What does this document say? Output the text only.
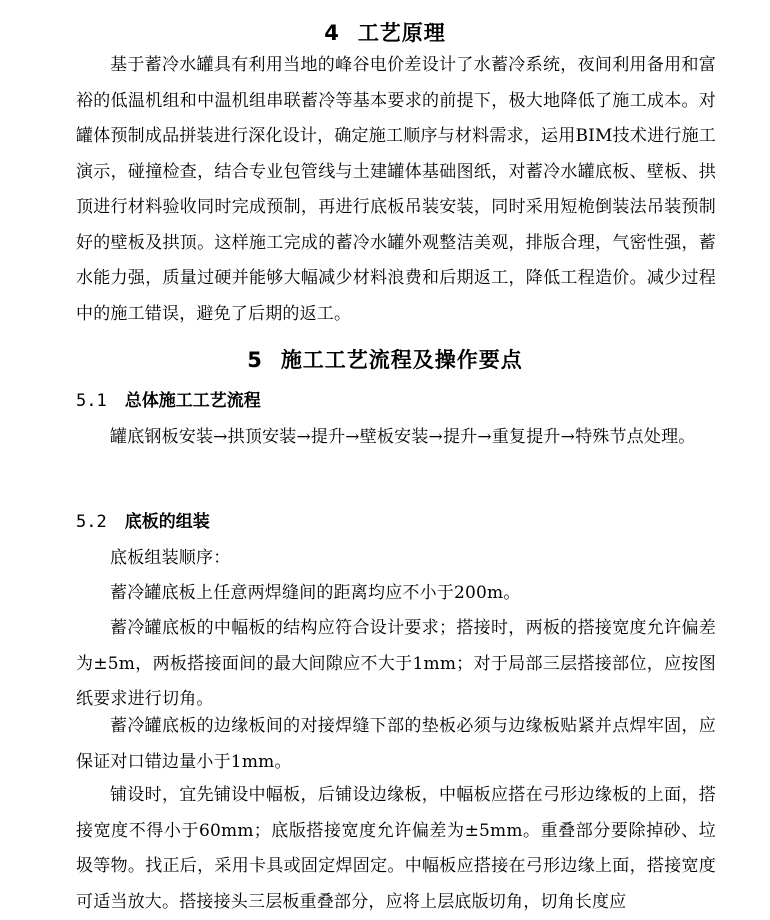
4 工艺原理
基于蓄冷水罐具有利用当地的峰谷电价差设计了水蓄冷系统，夜间利用备用和富裕的低温机组和中温机组串联蓄冷等基本要求的前提下，极大地降低了施工成本。对罐体预制成品拼装进行深化设计，确定施工顺序与材料需求，运用BIM技术进行施工演示，碰撞检查，结合专业包管线与土建罐体基础图纸，对蓄冷水罐底板、壁板、拱顶进行材料验收同时完成预制，再进行底板吊装安装，同时采用短桅倒装法吊装预制好的壁板及拱顶。这样施工完成的蓄冷水罐外观整洁美观，排版合理，气密性强，蓄水能力强，质量过硬并能够大幅减少材料浪费和后期返工，降低工程造价。减少过程中的施工错误，避免了后期的返工。
5 施工工艺流程及操作要点
5.1 总体施工工艺流程
罐底钢板安装→拱顶安装→提升→壁板安装→提升→重复提升→特殊节点处理。
5.2 底板的组装
底板组装顺序：
蓄冷罐底板上任意两焊缝间的距离均应不小于200m。
蓄冷罐底板的中幅板的结构应符合设计要求；搭接时，两板的搭接宽度允许偏差为±5m，两板搭接面间的最大间隙应不大于1mm；对于局部三层搭接部位，应按图纸要求进行切角。
蓄冷罐底板的边缘板间的对接焊缝下部的垫板必须与边缘板贴紧并点焊牢固，应保证对口错边量小于1mm。
铺设时，宜先铺设中幅板，后铺设边缘板，中幅板应搭在弓形边缘板的上面，搭接宽度不得小于60mm；底版搭接宽度允许偏差为±5mm。重叠部分要除掉砂、垃圾等物。找正后，采用卡具或固定焊固定。中幅板应搭接在弓形边缘上面，搭接宽度可适当放大。搭接接头三层板重叠部分，应将上层底版切角，切角长度应
